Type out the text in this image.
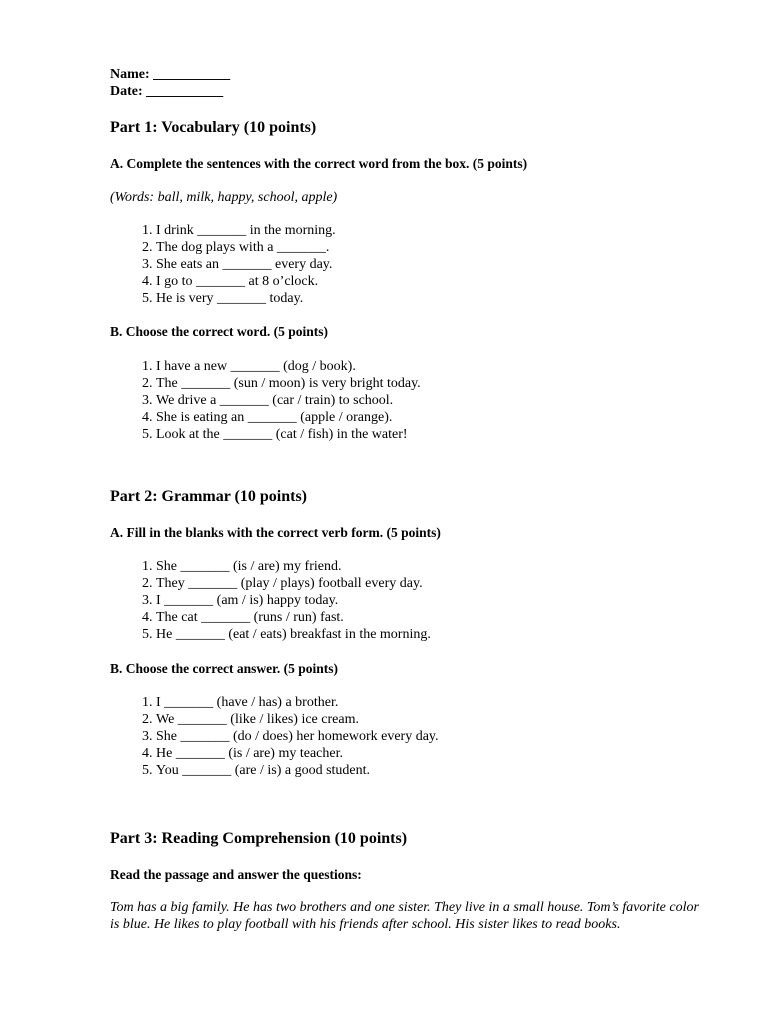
Name: ___________
Date: ___________
Part 1: Vocabulary (10 points)
A. Complete the sentences with the correct word from the box. (5 points)
(Words: ball, milk, happy, school, apple)
1. I drink _______ in the morning.
2. The dog plays with a _______.
3. She eats an _______ every day.
4. I go to _______ at 8 o’clock.
5. He is very _______ today.
B. Choose the correct word. (5 points)
1. I have a new _______ (dog / book).
2. The _______ (sun / moon) is very bright today.
3. We drive a _______ (car / train) to school.
4. She is eating an _______ (apple / orange).
5. Look at the _______ (cat / fish) in the water!
Part 2: Grammar (10 points)
A. Fill in the blanks with the correct verb form. (5 points)
1. She _______ (is / are) my friend.
2. They _______ (play / plays) football every day.
3. I _______ (am / is) happy today.
4. The cat _______ (runs / run) fast.
5. He _______ (eat / eats) breakfast in the morning.
B. Choose the correct answer. (5 points)
1. I _______ (have / has) a brother.
2. We _______ (like / likes) ice cream.
3. She _______ (do / does) her homework every day.
4. He _______ (is / are) my teacher.
5. You _______ (are / is) a good student.
Part 3: Reading Comprehension (10 points)
Read the passage and answer the questions:
Tom has a big family. He has two brothers and one sister. They live in a small house. Tom’s favorite color is blue. He likes to play football with his friends after school. His sister likes to read books.
